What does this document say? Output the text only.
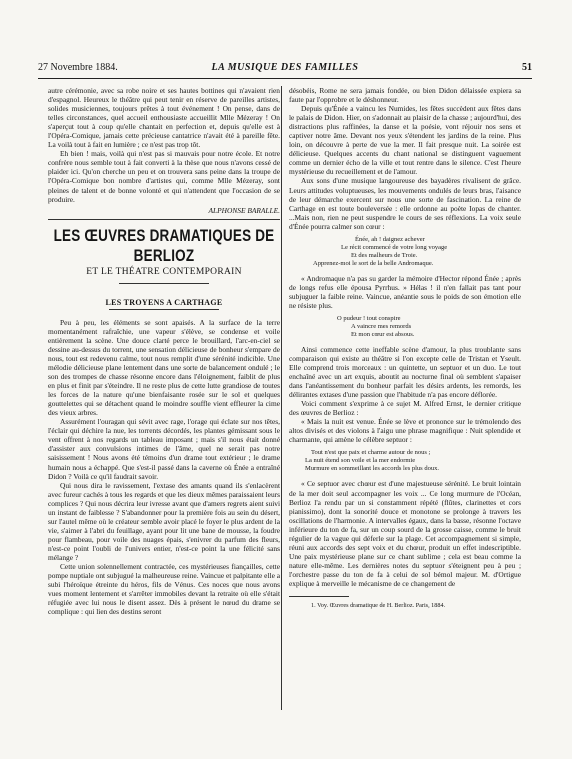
27 Novembre 1884.	LA MUSIQUE DES FAMILLES	51

autre cérémonie, avec sa robe noire et ses hautes bottines qui n'avaient rien d'espagnol. Heureux le théâtre qui peut tenir en réserve de pareilles artistes, solides musiciennes, toujours prêtes à tout événement ! On pense, dans de telles circonstances, quel accueil enthousiaste accueillit Mlle Mézeray ! On s'aperçut tout à coup qu'elle chantait en perfection et, depuis qu'elle est à l'Opéra-Comique, jamais cette précieuse cantatrice n'avait été à pareille fête. La voilà tout à fait en lumière ; ce n'est pas trop tôt.

Eh bien ! mais, voilà qui n'est pas si mauvais pour notre école. Et notre confrère nous semble tout à fait converti à la thèse que nous n'avons cessé de plaider ici. Qu'on cherche un peu et on trouvera sans peine dans la troupe de l'Opéra-Comique bon nombre d'artistes qui, comme Mlle Mézeray, sont pleines de talent et de bonne volonté et qui n'attendent que l'occasion de se produire.

ALPHONSE BARALLE.
LES ŒUVRES DRAMATIQUES DE BERLIOZ
ET LE THÉATRE CONTEMPORAIN
LES TROYENS A CARTHAGE

Peu à peu, les éléments se sont apaisés. A la surface de la terre momentanément rafraîchie, une vapeur s'élève, se condense et voile entièrement la scène. Une douce clarté perce le brouillard, l'arc-en-ciel se dessine au-dessus du torrent, une sensation délicieuse de bonheur s'empare de nous, tout est redevenu calme, tout nous remplit d'une sérénité indicible. Une mélodie délicieuse plane lentement dans une sorte de balancement ondulé ; le son des trompes de chasse résonne encore dans l'éloignement, faiblit de plus en plus et finit par s'éteindre. Il ne reste plus de cette lutte grandiose de toutes les forces de la nature qu'une bienfaisante rosée sur le sol et quelques gouttelettes qui se détachent quand le moindre souffle vient effleurer la cime des vieux arbres.

Assurément l'ouragan qui sévit avec rage, l'orage qui éclate sur nos têtes, l'éclair qui déchire la nue, les torrents décordés, les plantes gémissant sous le vent offrent à nos regards un tableau imposant ; mais s'il nous était donné d'assister aux convulsions intimes de l'âme, quel ne serait pas notre saisissement ! Nous avons été témoins d'un drame tout extérieur ; le drame humain nous a échappé. Que s'est-il passé dans la caverne où Énée a entraîné Didon ? Voilà ce qu'il faudrait savoir.

Qui nous dira le ravissement, l'extase des amants quand ils s'enlacèrent avec fureur cachés à tous les regards et que les dieux mêmes paraissaient leurs complices ? Qui nous décrira leur ivresse avant que d'amers regrets aient suivi un instant de faiblesse ? S'abandonner pour la première fois au sein du désert, sur l'autel même où le créateur semble avoir placé le foyer le plus ardent de la vie, s'aimer à l'abri du feuillage, ayant pour lit une bane de mousse, la foudre pour flambeau, pour voile des nuages épais, s'enivrer du parfum des fleurs, n'est-ce point l'oubli de l'univers entier, n'est-ce point la une félicité sans mélange ?

Cette union solennellement contractée, ces mystérieuses fiançailles, cette pompe nuptiale ont subjugué la malheureuse reine. Vaincue et palpitante elle a subi l'héroïque étreinte du héros, fils de Vénus. Ces noces que nous avons vues moment lentement et s'arrêter immobiles devant la retraite où elle s'était réfugiée avec lui nous le disent assez. Dès à présent le nœud du drame se complique : qui lien des destins seront

désobéis, Rome ne sera jamais fondée, ou bien Didon délaissée expiera sa faute par l'opprobre et le déshonneur.

Depuis qu'Énée a vaincu les Numides, les fêtes succèdent aux fêtes dans le palais de Didon. Hier, on s'adonnait au plaisir de la chasse ; aujourd'hui, des distractions plus raffinées, la danse et la poésie, vont réjouir nos sens et captiver notre âme. Devant nos yeux s'étendent les jardins de la reine. Plus loin, on découvre à perte de vue la mer. Il fait presque nuit. La soirée est délicieuse. Quelques accents du chant national se distinguent vaguement comme un dernier écho de la ville et tout rentre dans le silence. C'est l'heure mystérieuse du recueillement et de l'amour.

Aux sons d'une musique langoureuse des bayadères rivalisent de grâce. Leurs attitudes voluptueuses, les mouvements ondulés de leurs bras, l'aisance de leur démarche exercent sur nous une sorte de fascination. La reine de Carthage en est toute bouleversée : elle ordonne au poète Iopas de chanter. ...Mais non, rien ne peut suspendre le cours de ses réflexions. La voix seule d'Énée pourra calmer son cœur :

Énée, ah ! daignez achever
Le récit commencé de votre long voyage
Et des malheurs de Troie.
Apprenez-moi le sort de la belle Andromaque.

« Andromaque n'a pas su garder la mémoire d'Hector répond Énée ; après de longs refus elle épousa Pyrrhus. » Hélas ! il n'en fallait pas tant pour subjuguer la faible reine. Vaincue, anéantie sous le poids de son émotion elle ne résiste plus.

O pudeur ! tout conspire
A vaincre mes remords
Et mon cœur est absous.

Ainsi commence cette ineffable scène d'amour, la plus troublante sans comparaison qui existe au théâtre si l'on excepte celle de Tristan et Yseult. Elle comprend trois morceaux : un quintette, un septuor et un duo. Le tout enchaîné avec un art exquis, aboutit au nocturne final où semblent s'apaiser dans l'anéantissement du bonheur parfait les désirs ardents, les remords, les délirantes extases d'une passion que l'habitude n'a pas encore déflorée.

Voici comment s'exprime à ce sujet M. Alfred Ernst, le dernier critique des œuvres de Berlioz :

« Mais la nuit est venue. Énée se lève et prononce sur le trémolendo des altos divisés et des violons à l'aigu une phrase magnifique : Nuit splendide et charmante, qui amène le célèbre septuor :

Tout n'est que paix et charme autour de nous ;
La nuit étend son voile et la mer endormie
Murmure en sommeillant les accords les plus doux.

« Ce septuor avec chœur est d'une majestueuse sérénité. Le bruit lointain de la mer doit seul accompagner les voix ... Ce long murmure de l'Océan, Berlioz l'a rendu par un si constamment répété (flûtes, clarinettes et cors pianissimo), dont la sonorité douce et monotone se prolonge à travers les oscillations de l'harmonie. A intervalles égaux, dans la basse, résonne l'octave inférieure du ton de fa, sur un coup sourd de la grosse caisse, comme le bruit régulier de la vague qui déferle sur la plage. Cet accompagnement si simple, réuni aux accords des sept voix et du chœur, produit un effet indescriptible. Une paix mystérieuse plane sur ce chant sublime ; cela est beau comme la nature elle-même. Les dernières notes du septuor s'éteignent peu à peu ; l'orchestre passe du ton de fa à celui de sol bémol majeur. M. d'Ortigue explique à merveille le mécanisme de ce changement de

1. Voy. Œuvres dramatique de H. Berlioz. Paris, 1884.
